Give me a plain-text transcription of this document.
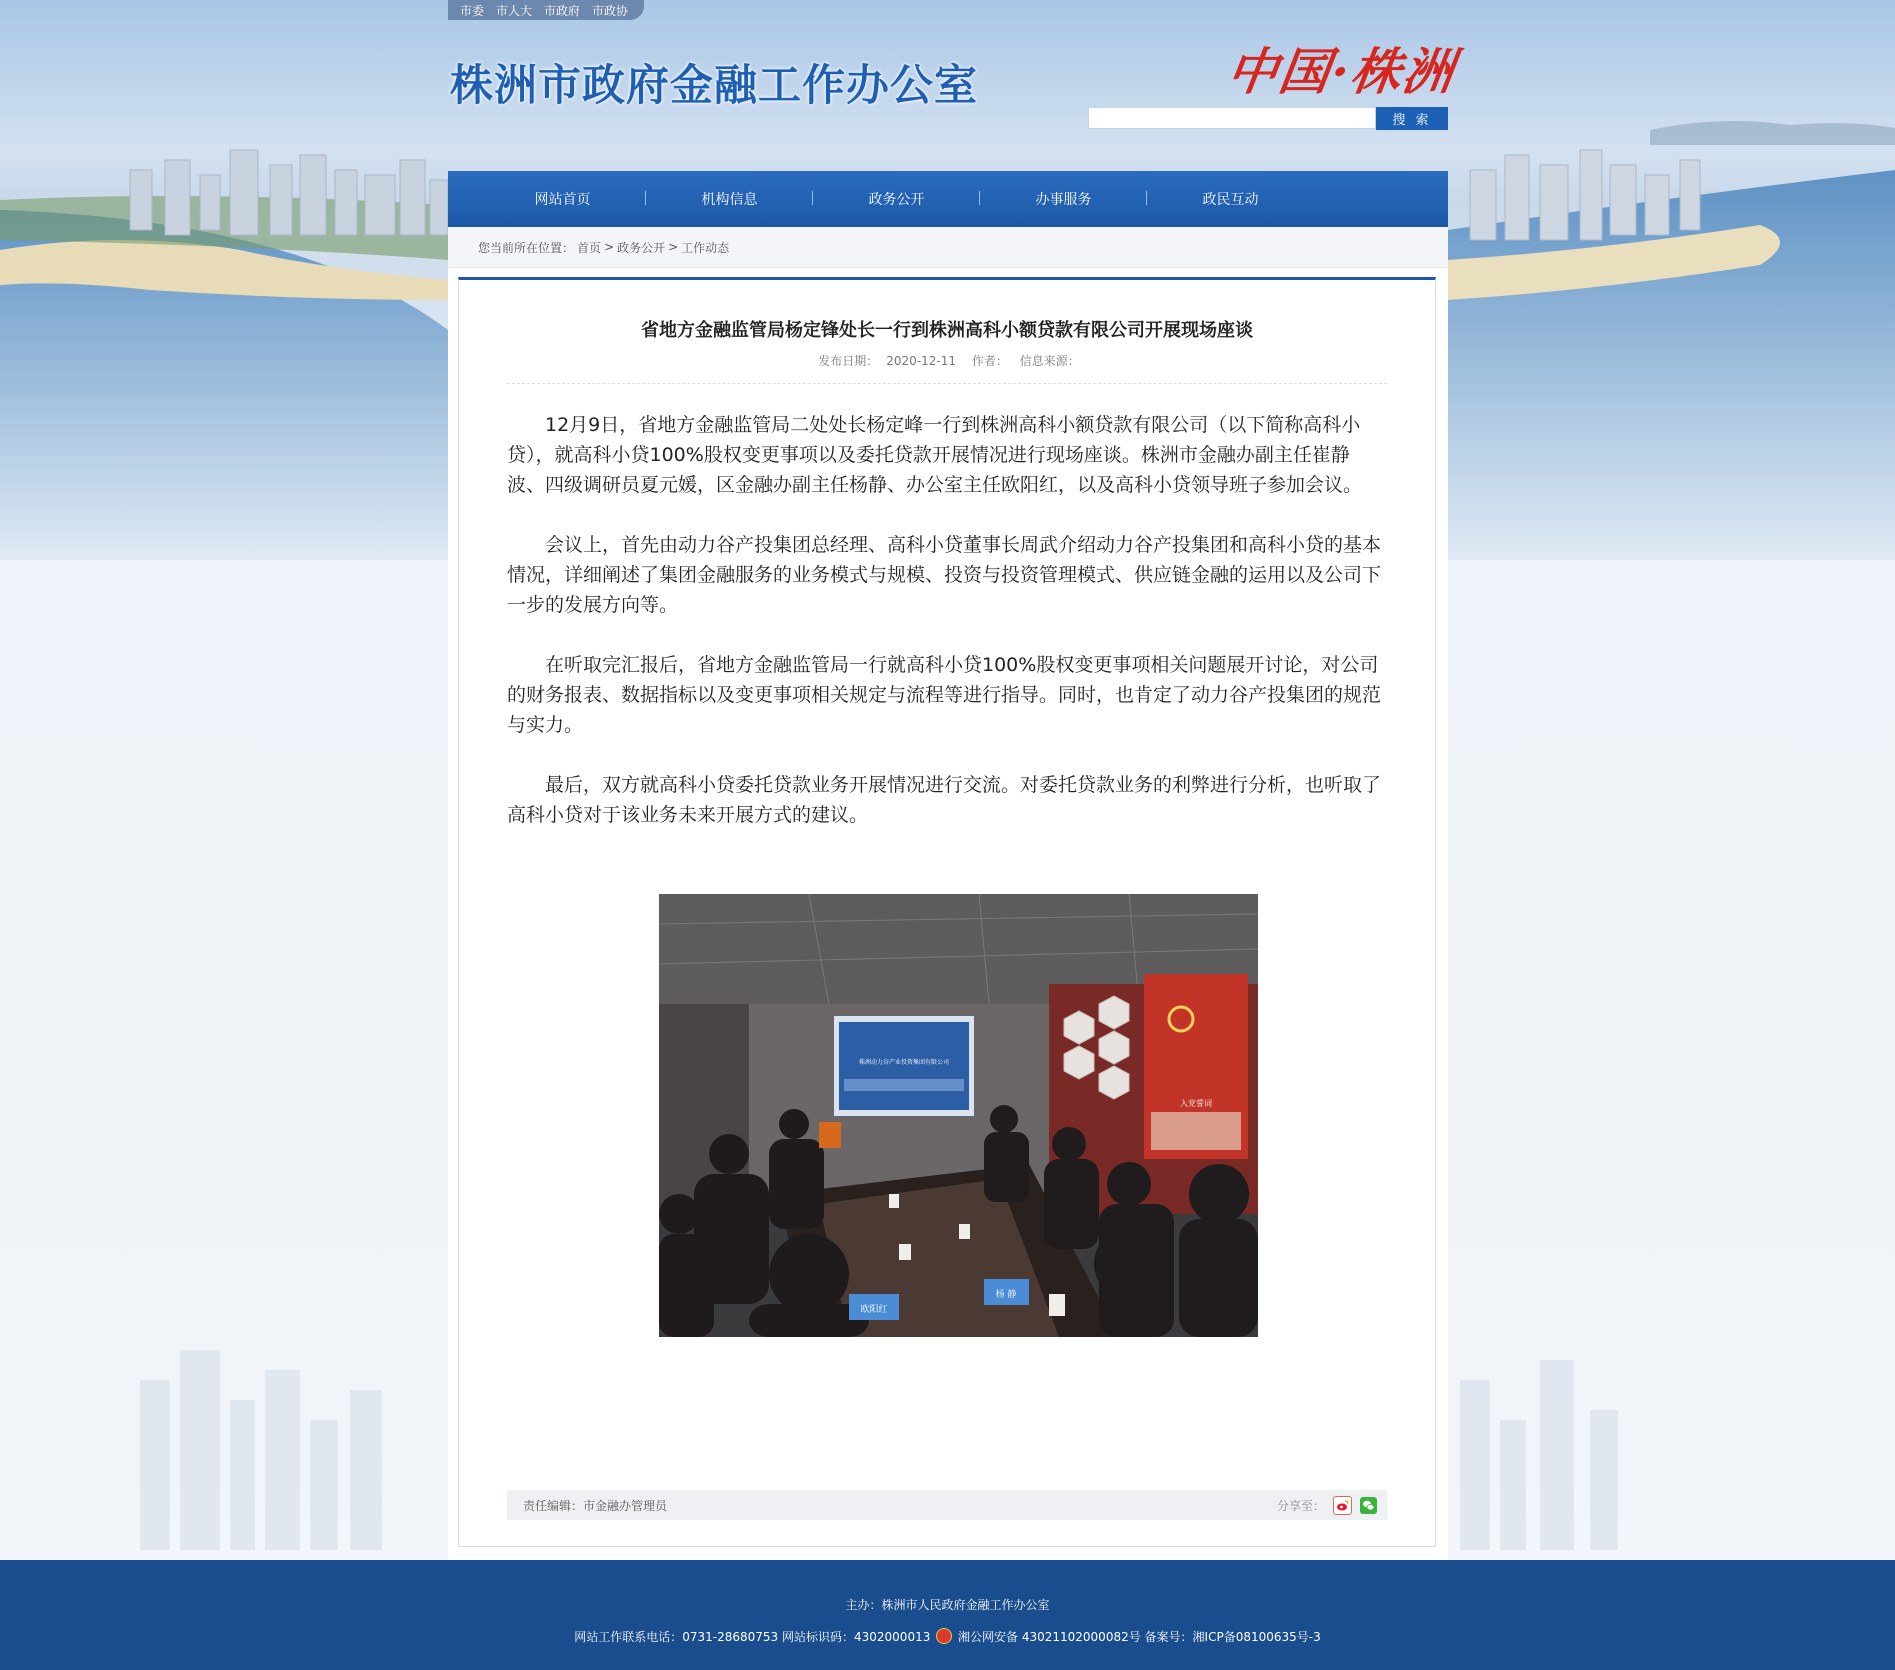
市委 市人大 市政府 市政协
株洲市政府金融工作办公室	中国·株洲
搜 索
网站首页	机构信息	政务公开	办事服务	政民互动
您当前所在位置： 首页 > 政务公开 > 工作动态
省地方金融监管局杨定锋处长一行到株洲高科小额贷款有限公司开展现场座谈
发布日期： 2020-12-11 作者： 信息来源：

12月9日，省地方金融监管局二处处长杨定峰一行到株洲高科小额贷款有限公司（以下简称高科小贷），就高科小贷100%股权变更事项以及委托贷款开展情况进行现场座谈。株洲市金融办副主任崔静波、四级调研员夏元媛，区金融办副主任杨静、办公室主任欧阳红，以及高科小贷领导班子参加会议。

会议上，首先由动力谷产投集团总经理、高科小贷董事长周武介绍动力谷产投集团和高科小贷的基本情况，详细阐述了集团金融服务的业务模式与规模、投资与投资管理模式、供应链金融的运用以及公司下一步的发展方向等。

在听取完汇报后，省地方金融监管局一行就高科小贷100%股权变更事项相关问题展开讨论，对公司的财务报表、数据指标以及变更事项相关规定与流程等进行指导。同时，也肯定了动力谷产投集团的规范与实力。

最后，双方就高科小贷委托贷款业务开展情况进行交流。对委托贷款业务的利弊进行分析，也听取了高科小贷对于该业务未来开展方式的建议。

入党誓词
株洲动力谷产业投资集团有限公司
欧阳红
杨 静
责任编辑：市金融办管理员	分享至：
主办：株洲市人民政府金融工作办公室
网站工作联系电话：0731-28680753 网站标识码：4302000013 湘公网安备 43021102000082号 备案号：湘ICP备08100635号-3
